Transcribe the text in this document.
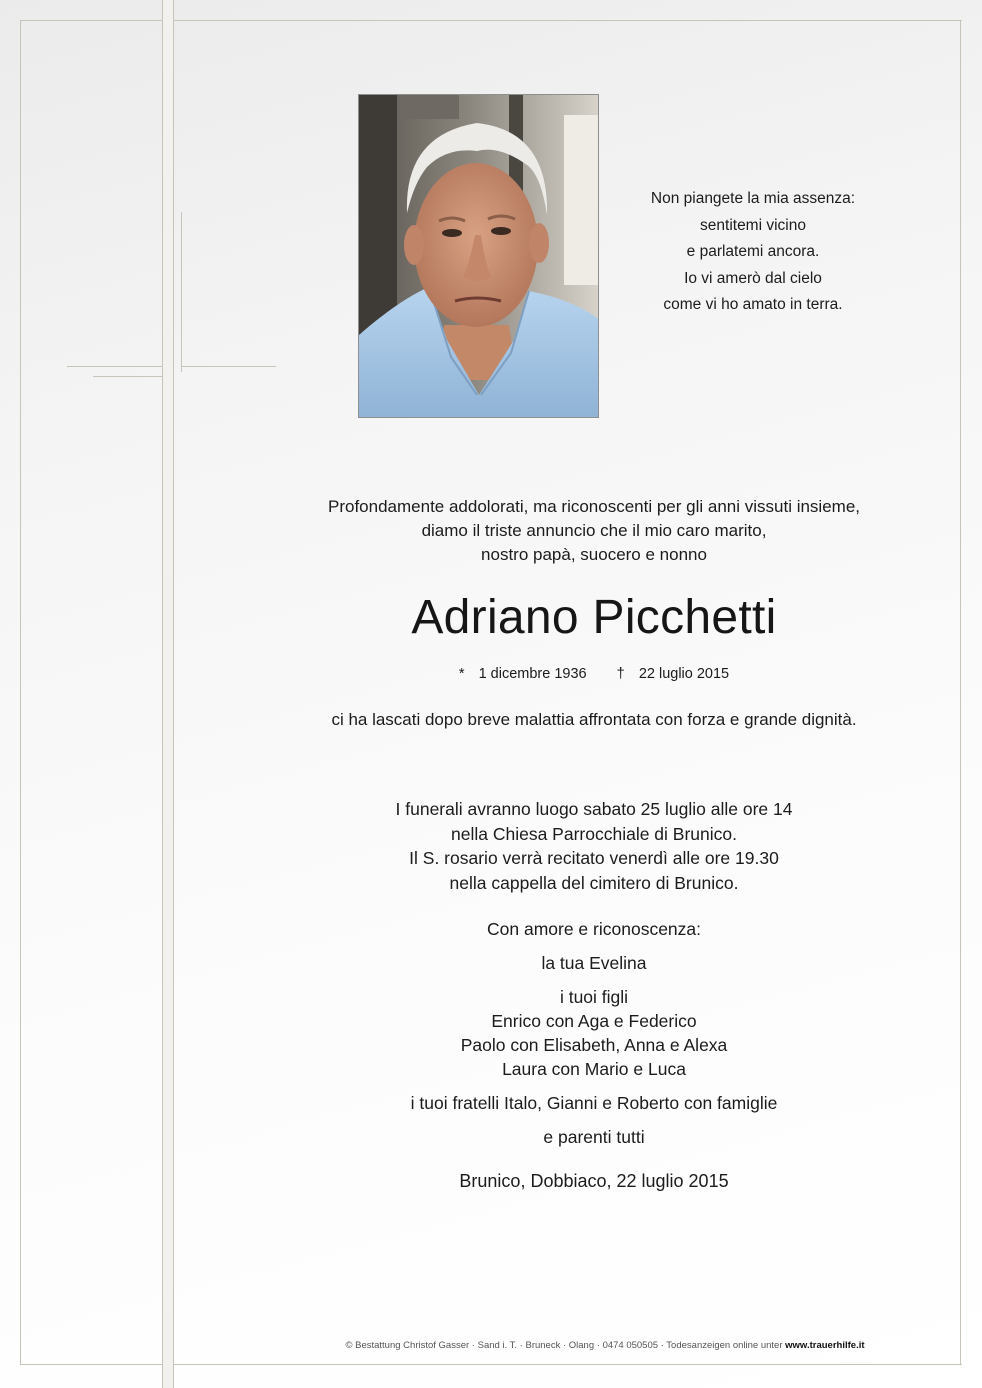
Non piangete la mia assenza:
sentitemi vicino
e parlatemi ancora.
Io vi amerò dal cielo
come vi ho amato in terra.
Profondamente addolorati, ma riconoscenti per gli anni vissuti insieme,
diamo il triste annuncio che il mio caro marito,
nostro papà, suocero e nonno
Adriano Picchetti
* 1 dicembre 1936 † 22 luglio 2015
ci ha lascati dopo breve malattia affrontata con forza e grande dignità.
I funerali avranno luogo sabato 25 luglio alle ore 14
nella Chiesa Parrocchiale di Brunico.
Il S. rosario verrà recitato venerdì alle ore 19.30
nella cappella del cimitero di Brunico.
Con amore e riconoscenza:
la tua Evelina
i tuoi figli
Enrico con Aga e Federico
Paolo con Elisabeth, Anna e Alexa
Laura con Mario e Luca
i tuoi fratelli Italo, Gianni e Roberto con famiglie
e parenti tutti
Brunico, Dobbiaco, 22 luglio 2015
© Bestattung Christof Gasser · Sand i. T. · Bruneck · Olang · 0474 050505 · Todesanzeigen online unter www.trauerhilfe.it
